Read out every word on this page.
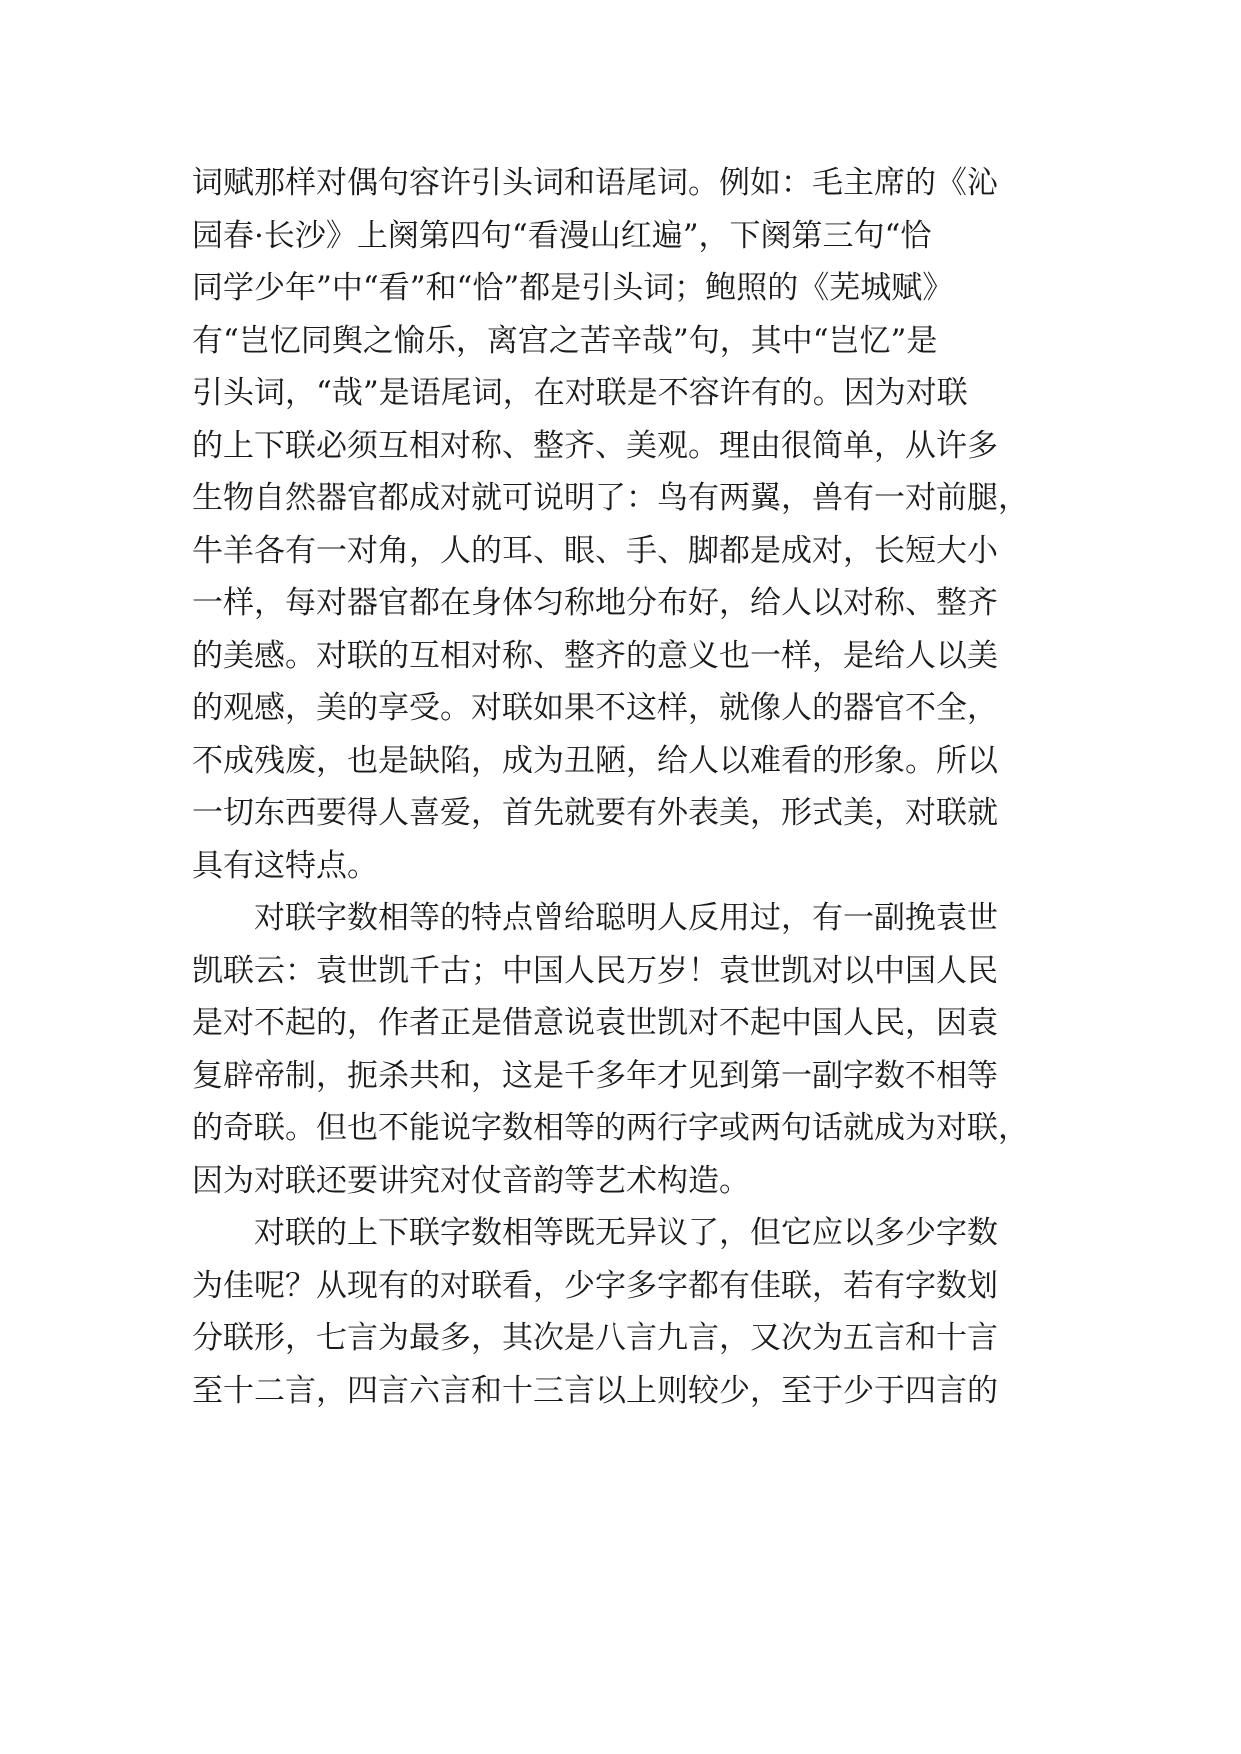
词赋那样对偶句容许引头词和语尾词。例如：毛主席的《沁
园春·长沙》上阕第四句“看漫山红遍”，下阕第三句“恰
同学少年”中“看”和“恰”都是引头词；鲍照的《芜城赋》
有“岂忆同舆之愉乐，离宫之苦辛哉”句，其中“岂忆”是
引头词，“哉”是语尾词，在对联是不容许有的。因为对联
的上下联必须互相对称、整齐、美观。理由很简单，从许多
生物自然器官都成对就可说明了：鸟有两翼，兽有一对前腿，
牛羊各有一对角，人的耳、眼、手、脚都是成对，长短大小
一样，每对器官都在身体匀称地分布好，给人以对称、整齐
的美感。对联的互相对称、整齐的意义也一样，是给人以美
的观感，美的享受。对联如果不这样，就像人的器官不全，
不成残废，也是缺陷，成为丑陋，给人以难看的形象。所以
一切东西要得人喜爱，首先就要有外表美，形式美，对联就
具有这特点。
对联字数相等的特点曾给聪明人反用过，有一副挽袁世
凯联云：袁世凯千古；中国人民万岁！袁世凯对以中国人民
是对不起的，作者正是借意说袁世凯对不起中国人民，因袁
复辟帝制，扼杀共和，这是千多年才见到第一副字数不相等
的奇联。但也不能说字数相等的两行字或两句话就成为对联，
因为对联还要讲究对仗音韵等艺术构造。
对联的上下联字数相等既无异议了，但它应以多少字数
为佳呢？从现有的对联看，少字多字都有佳联，若有字数划
分联形，七言为最多，其次是八言九言，又次为五言和十言
至十二言，四言六言和十三言以上则较少，至于少于四言的
